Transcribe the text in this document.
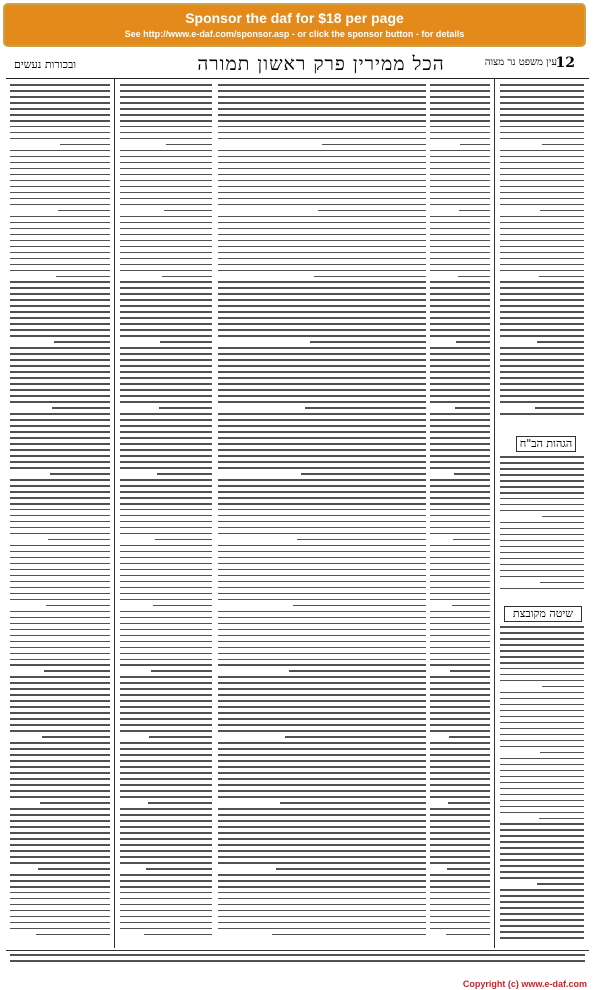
Sponsor the daf for $18 per page
See http://www.e-daf.com/sponsor.asp - or click the sponsor button - for details
ובכורות נעשים	הכל ממירין פרק ראשון תמורה	עין משפט נר מצוה
12
הגהות הב"ח
שיטה מקובצת
Copyright (c) www.e-daf.com
